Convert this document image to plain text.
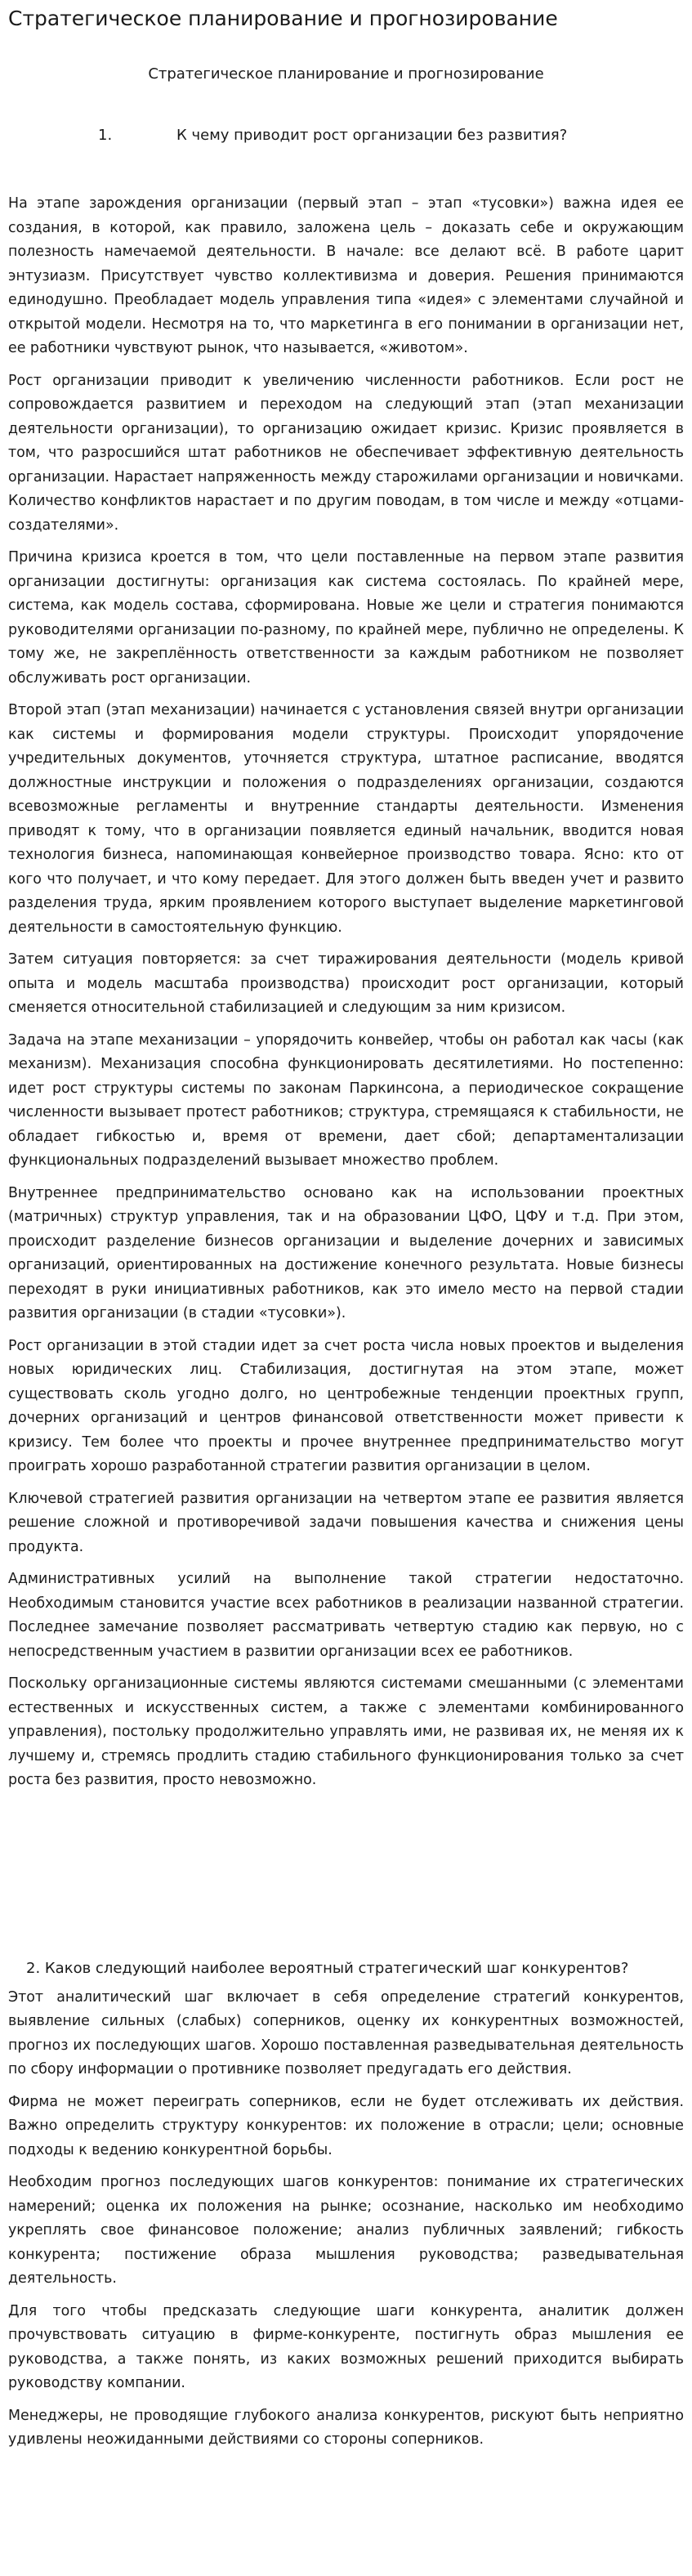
Стратегическое планирование и прогнозирование
Стратегическое планирование и прогнозирование
1.	К чему приводит рост организации без развития?

На этапе зарождения организации (первый этап – этап «тусовки») важна идея ее создания, в которой, как правило, заложена цель – доказать себе и окружающим полезность намечаемой деятельности. В начале: все делают всё. В работе царит энтузиазм. Присутствует чувство коллективизма и доверия. Решения принимаются единодушно. Преобладает модель управления типа «идея» с элементами случайной и открытой модели. Несмотря на то, что маркетинга в его понимании в организации нет, ее работники чувствуют рынок, что называется, «животом».

Рост организации приводит к увеличению численности работников. Если рост не сопровождается развитием и переходом на следующий этап (этап механизации деятельности организации), то организацию ожидает кризис. Кризис проявляется в том, что разросшийся штат работников не обеспечивает эффективную деятельность организации. Нарастает напряженность между старожилами организации и новичками. Количество конфликтов нарастает и по другим поводам, в том числе и между «отцами-создателями».

Причина кризиса кроется в том, что цели поставленные на первом этапе развития организации достигнуты: организация как система состоялась. По крайней мере, система, как модель состава, сформирована. Новые же цели и стратегия понимаются руководителями организации по-разному, по крайней мере, публично не определены. К тому же, не закреплённость ответственности за каждым работником не позволяет обслуживать рост организации.

Второй этап (этап механизации) начинается с установления связей внутри организации как системы и формирования модели структуры. Происходит упорядочение учредительных документов, уточняется структура, штатное расписание, вводятся должностные инструкции и положения о подразделениях организации, создаются всевозможные регламенты и внутренние стандарты деятельности. Изменения приводят к тому, что в организации появляется единый начальник, вводится новая технология бизнеса, напоминающая конвейерное производство товара. Ясно: кто от кого что получает, и что кому передает. Для этого должен быть введен учет и развито разделения труда, ярким проявлением которого выступает выделение маркетинговой деятельности в самостоятельную функцию.

Затем ситуация повторяется: за счет тиражирования деятельности (модель кривой опыта и модель масштаба производства) происходит рост организации, который сменяется относительной стабилизацией и следующим за ним кризисом.

Задача на этапе механизации – упорядочить конвейер, чтобы он работал как часы (как механизм). Механизация способна функционировать десятилетиями. Но постепенно: идет рост структуры системы по законам Паркинсона, а периодическое сокращение численности вызывает протест работников; структура, стремящаяся к стабильности, не обладает гибкостью и, время от времени, дает сбой; департаментализации функциональных подразделений вызывает множество проблем.

Внутреннее предпринимательство основано как на использовании проектных (матричных) структур управления, так и на образовании ЦФО, ЦФУ и т.д. При этом, происходит разделение бизнесов организации и выделение дочерних и зависимых организаций, ориентированных на достижение конечного результата. Новые бизнесы переходят в руки инициативных работников, как это имело место на первой стадии развития организации (в стадии «тусовки»).

Рост организации в этой стадии идет за счет роста числа новых проектов и выделения новых юридических лиц. Стабилизация, достигнутая на этом этапе, может существовать сколь угодно долго, но центробежные тенденции проектных групп, дочерних организаций и центров финансовой ответственности может привести к кризису. Тем более что проекты и прочее внутреннее предпринимательство могут проиграть хорошо разработанной стратегии развития организации в целом.

Ключевой стратегией развития организации на четвертом этапе ее развития является решение сложной и противоречивой задачи повышения качества и снижения цены продукта.

Административных усилий на выполнение такой стратегии недостаточно. Необходимым становится участие всех работников в реализации названной стратегии. Последнее замечание позволяет рассматривать четвертую стадию как первую, но с непосредственным участием в развитии организации всех ее работников.

Поскольку организационные системы являются системами смешанными (с элементами естественных и искусственных систем, а также с элементами комбинированного управления), постольку продолжительно управлять ими, не развивая их, не меняя их к лучшему и, стремясь продлить стадию стабильного функционирования только за счет роста без развития, просто невозможно.

2. Каков следующий наиболее вероятный стратегический шаг конкурентов?

Этот аналитический шаг включает в себя определение стратегий конкурентов, выявление сильных (слабых) соперников, оценку их конкурентных возможностей, прогноз их последующих шагов. Хорошо поставленная разведывательная деятельность по сбору информации о противнике позволяет предугадать его действия.

Фирма не может переиграть соперников, если не будет отслеживать их действия. Важно определить структуру конкурентов: их положение в отрасли; цели; основные подходы к ведению конкурентной борьбы.

Необходим прогноз последующих шагов конкурентов: понимание их стратегических намерений; оценка их положения на рынке; осознание, насколько им необходимо укреплять свое финансовое положение; анализ публичных заявлений; гибкость конкурента; постижение образа мышления руководства; разведывательная деятельность.

Для того чтобы предсказать следующие шаги конкурента, аналитик должен прочувствовать ситуацию в фирме-конкуренте, постигнуть образ мышления ее руководства, а также понять, из каких возможных решений приходится выбирать руководству компании.

Менеджеры, не проводящие глубокого анализа конкурентов, рискуют быть неприятно удивлены неожиданными действиями со стороны соперников.
